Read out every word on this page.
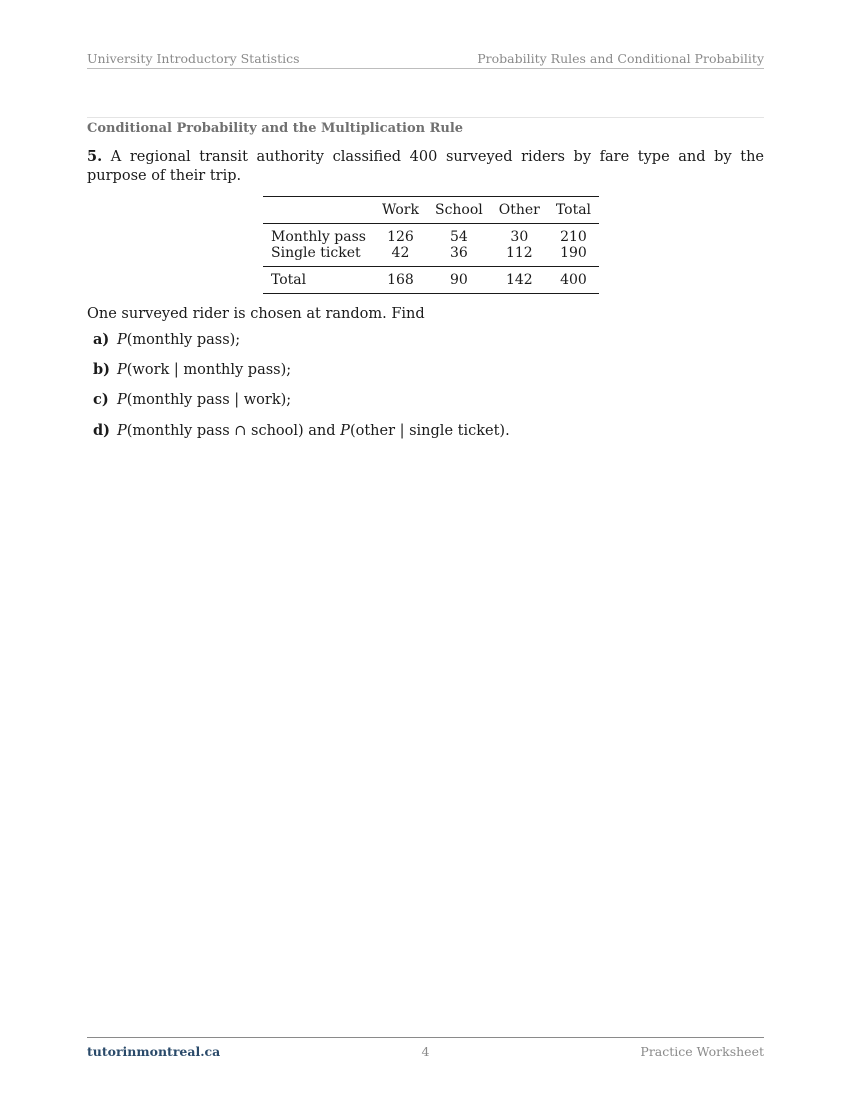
University Introductory Statistics	Probability Rules and Conditional Probability
Conditional Probability and the Multiplication Rule
5. A regional transit authority classified 400 surveyed riders by fare type and by the purpose of their trip.
	Work	School	Other	Total
Monthly pass	126	54	30	210
Single ticket	42	36	112	190
Total	168	90	142	400
One surveyed rider is chosen at random. Find
a) P(monthly pass);
b) P(work | monthly pass);
c) P(monthly pass | work);
d) P(monthly pass ∩ school) and P(other | single ticket).
tutorinmontreal.ca	4	Practice Worksheet
